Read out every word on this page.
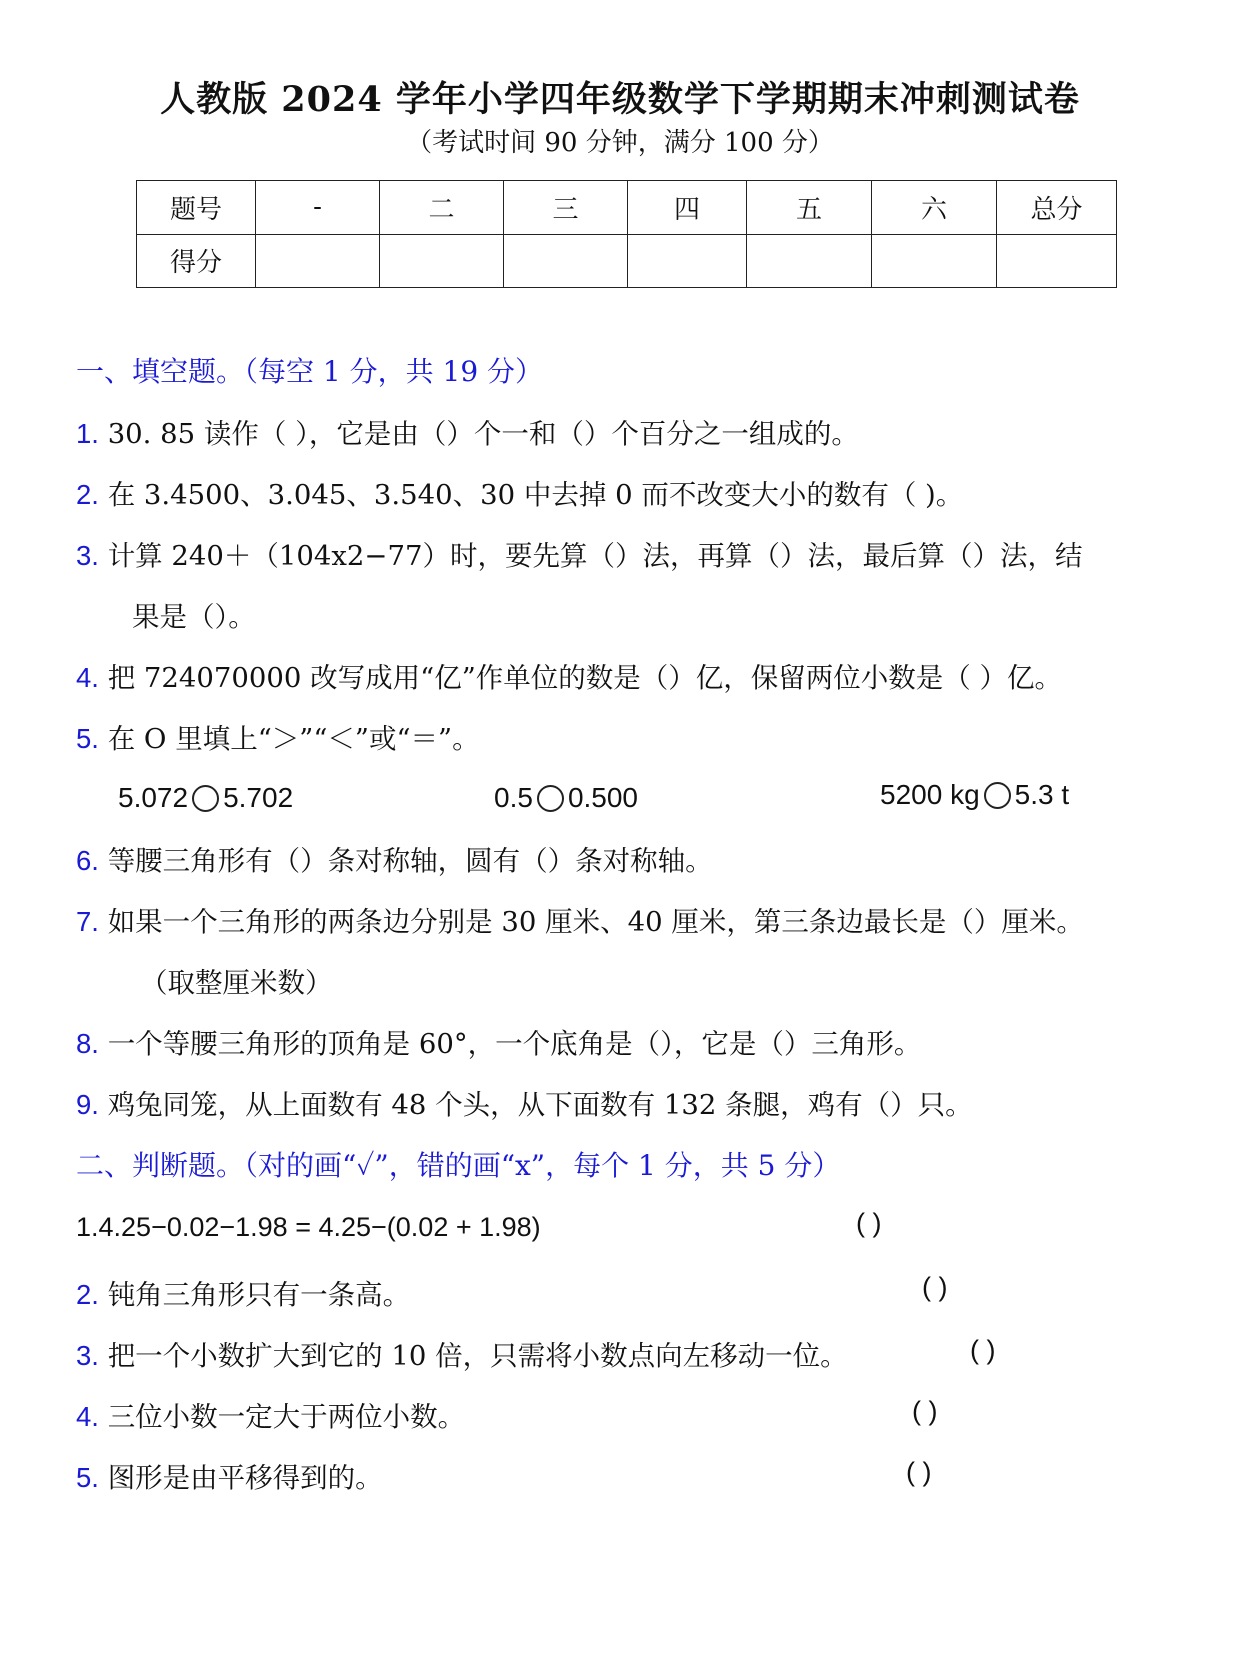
人教版 2024 学年小学四年级数学下学期期末冲刺测试卷
（考试时间 90 分钟，满分 100 分）
题号	-	二	三	四	五	六	总分
得分							
一、填空题。（每空 1 分，共 19 分）
1. 30. 85 读作（ ），它是由（）个一和（）个百分之一组成的。
2. 在 3.4500、3.045、3.540、30 中去掉 0 而不改变大小的数有（ )。
3. 计算 240＋（104x2−77）时，要先算（）法，再算（）法，最后算（）法，结
果是（）。
4. 把 724070000 改写成用“亿”作单位的数是（）亿，保留两位小数是（ ）亿。
5. 在 O 里填上“＞”“＜”或“＝”。
5.072 5.702	0.5 0.500	5200 kg 5.3 t
6. 等腰三角形有（）条对称轴，圆有（）条对称轴。
7. 如果一个三角形的两条边分别是 30 厘米、40 厘米，第三条边最长是（）厘米。
（取整厘米数）
8. 一个等腰三角形的顶角是 60°，一个底角是（），它是（）三角形。
9. 鸡兔同笼，从上面数有 48 个头，从下面数有 132 条腿，鸡有（）只。
二、判断题。（对的画“✓”，错的画“x”，每个 1 分，共 5 分）
1.4.25−0.02−1.98 = 4.25−(0.02 + 1.98)	( )
2. 钝角三角形只有一条高。	( )
3. 把一个小数扩大到它的 10 倍，只需将小数点向左移动一位。	( )
4. 三位小数一定大于两位小数。	( )
5. 图形是由平移得到的。	( )
